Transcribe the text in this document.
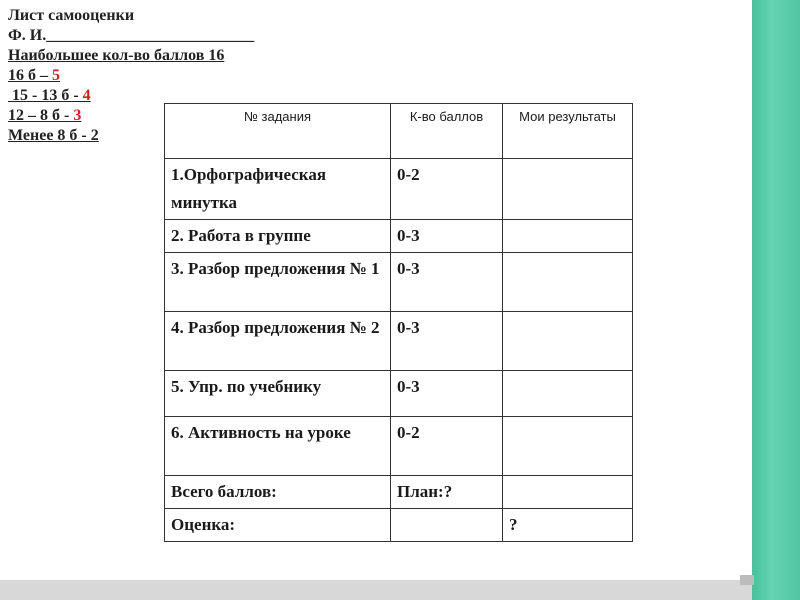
Лист самооценки
Ф. И.__________________________
Наибольшее кол-во баллов 16
16 б – 5
15 - 13 б - 4
12 – 8 б - 3
Менее 8 б - 2
№ задания	К-во баллов	Мои результаты
1.Орфографическая минутка	0-2	
2. Работа в группе	0-3	
3. Разбор предложения № 1	0-3	
4. Разбор предложения № 2	0-3	
5. Упр. по учебнику	0-3	
6. Активность на уроке	0-2	
Всего баллов:	План:?	
Оценка:		?
